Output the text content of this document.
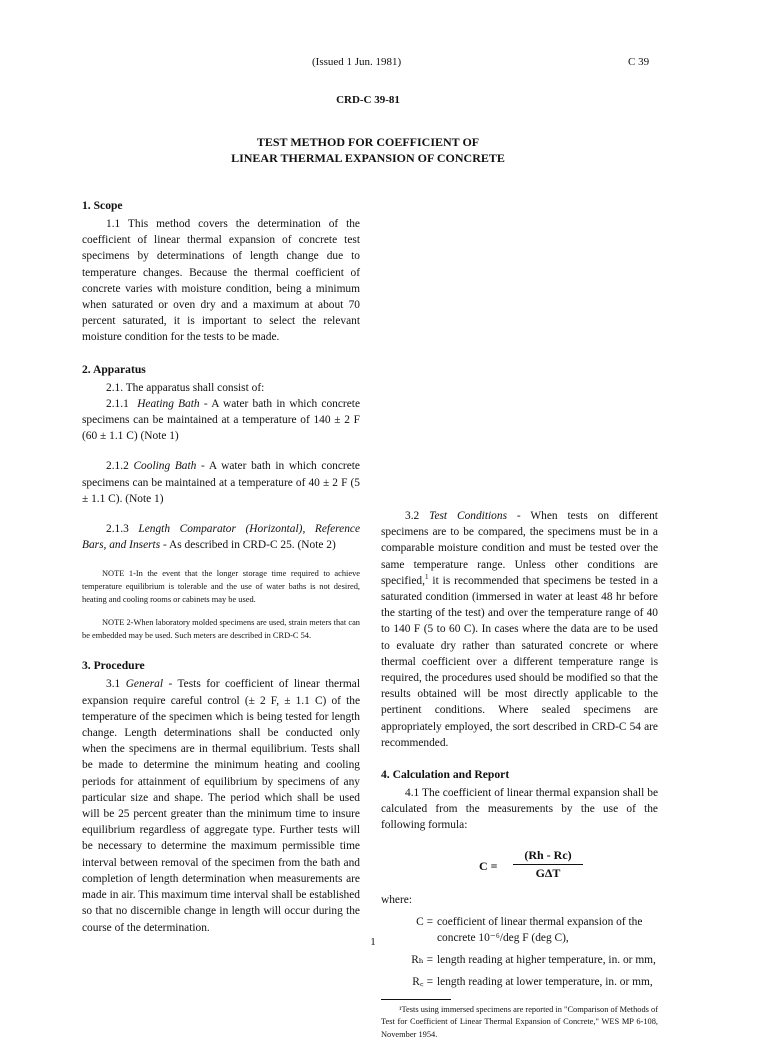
(Issued 1 Jun. 1981)	C 39
CRD-C 39-81
TEST METHOD FOR COEFFICIENT OF
LINEAR THERMAL EXPANSION OF CONCRETE
1. Scope

1.1 This method covers the determination of the coefficient of linear thermal expansion of concrete test specimens by determinations of length change due to temperature changes. Because the thermal coefficient of concrete varies with moisture condition, being a minimum when saturated or oven dry and a maximum at about 70 percent saturated, it is important to select the relevant moisture condition for the tests to be made.

2. Apparatus

2.1. The apparatus shall consist of:

2.1.1 Heating Bath - A water bath in which concrete specimens can be maintained at a temperature of 140 ± 2 F (60 ± 1.1 C) (Note 1)

2.1.2 Cooling Bath - A water bath in which concrete specimens can be maintained at a temperature of 40 ± 2 F (5 ± 1.1 C). (Note 1)

2.1.3 Length Comparator (Horizontal), Reference Bars, and Inserts - As described in CRD-C 25. (Note 2)

NOTE 1-In the event that the longer storage time required to achieve temperature equilibrium is tolerable and the use of water baths is not desired, heating and cooling rooms or cabinets may be used.

NOTE 2-When laboratory molded specimens are used, strain meters that can be embedded may be used. Such meters are described in CRD-C 54.

3. Procedure

3.1 General - Tests for coefficient of linear thermal expansion require careful control (± 2 F, ± 1.1 C) of the temperature of the specimen which is being tested for length change. Length determinations shall be conducted only when the specimens are in thermal equilibrium. Tests shall be made to determine the minimum heating and cooling periods for attainment of equilibrium by specimens of any particular size and shape. The period which shall be used will be 25 percent greater than the minimum time to insure equilibrium regardless of aggregate type. Further tests will be necessary to determine the maximum permissible time interval between removal of the specimen from the bath and completion of length determination when measurements are made in air. This maximum time interval shall be established so that no discernible change in length will occur during the course of the determination.

3.2 Test Conditions - When tests on different specimens are to be compared, the specimens must be in a comparable moisture condition and must be tested over the same temperature range. Unless other conditions are specified,$^1$ it is recommended that specimens be tested in a saturated condition (immersed in water at least 48 hr before the starting of the test) and over the temperature range of 40 to 140 F (5 to 60 C). In cases where the data are to be used to evaluate dry rather than saturated concrete or where thermal coefficient over a different temperature range is required, the procedures used should be modified so that the results obtained will be most directly applicable to the pertinent conditions. Where sealed specimens are appropriately employed, the sort described in CRD-C 54 are recommended.

4. Calculation and Report

4.1 The coefficient of linear thermal expansion shall be calculated from the measurements by the use of the following formula:

C =
(Rh - Rc)
GΔT

where:

C = coefficient of linear thermal expansion of the concrete 10⁻⁶/deg F (deg C),
Rₕ = length reading at higher temperature, in. or mm,
R꜀ = length reading at lower temperature, in. or mm,

¹Tests using immersed specimens are reported in "Comparison of Methods of Test for Coefficient of Linear Thermal Expansion of Concrete," WES MP 6-108, November 1954.

1
